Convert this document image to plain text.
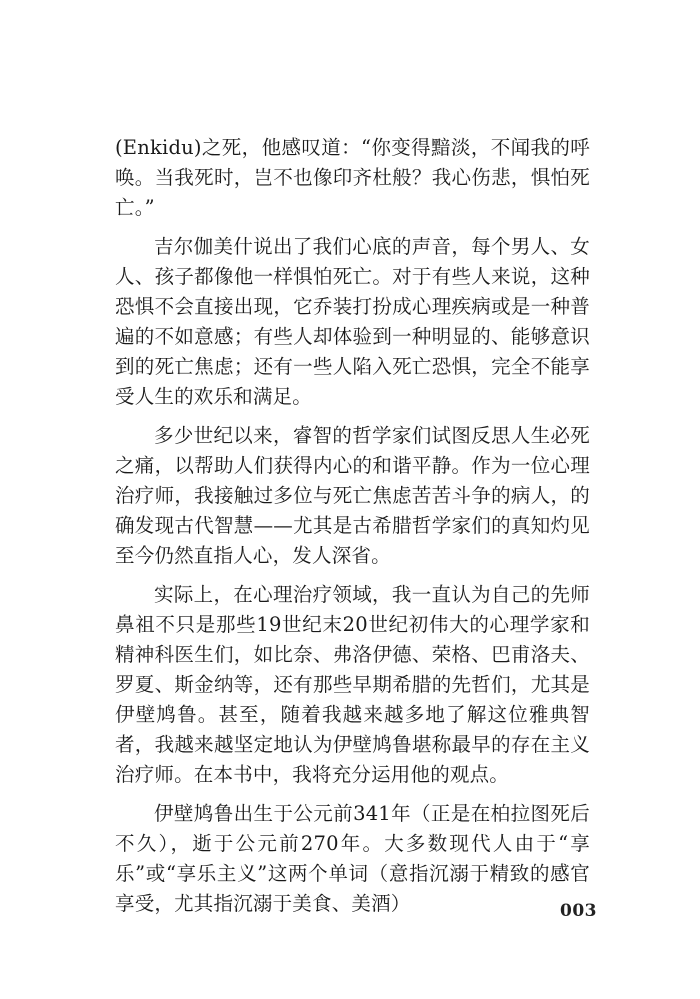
(Enkidu)之死，他感叹道：“你变得黯淡，不闻我的呼唤。当我死时，岂不也像印齐杜般？我心伤悲，惧怕死亡。”

吉尔伽美什说出了我们心底的声音，每个男人、女人、孩子都像他一样惧怕死亡。对于有些人来说，这种恐惧不会直接出现，它乔装打扮成心理疾病或是一种普遍的不如意感；有些人却体验到一种明显的、能够意识到的死亡焦虑；还有一些人陷入死亡恐惧，完全不能享受人生的欢乐和满足。

多少世纪以来，睿智的哲学家们试图反思人生必死之痛，以帮助人们获得内心的和谐平静。作为一位心理治疗师，我接触过多位与死亡焦虑苦苦斗争的病人，的确发现古代智慧——尤其是古希腊哲学家们的真知灼见至今仍然直指人心，发人深省。

实际上，在心理治疗领域，我一直认为自己的先师鼻祖不只是那些19世纪末20世纪初伟大的心理学家和精神科医生们，如比奈、弗洛伊德、荣格、巴甫洛夫、罗夏、斯金纳等，还有那些早期希腊的先哲们，尤其是伊壁鸠鲁。甚至，随着我越来越多地了解这位雅典智者，我越来越坚定地认为伊壁鸠鲁堪称最早的存在主义治疗师。在本书中，我将充分运用他的观点。

伊壁鸠鲁出生于公元前341年（正是在柏拉图死后不久），逝于公元前270年。大多数现代人由于“享乐”或“享乐主义”这两个单词（意指沉溺于精致的感官享受，尤其指沉溺于美食、美酒）	003
